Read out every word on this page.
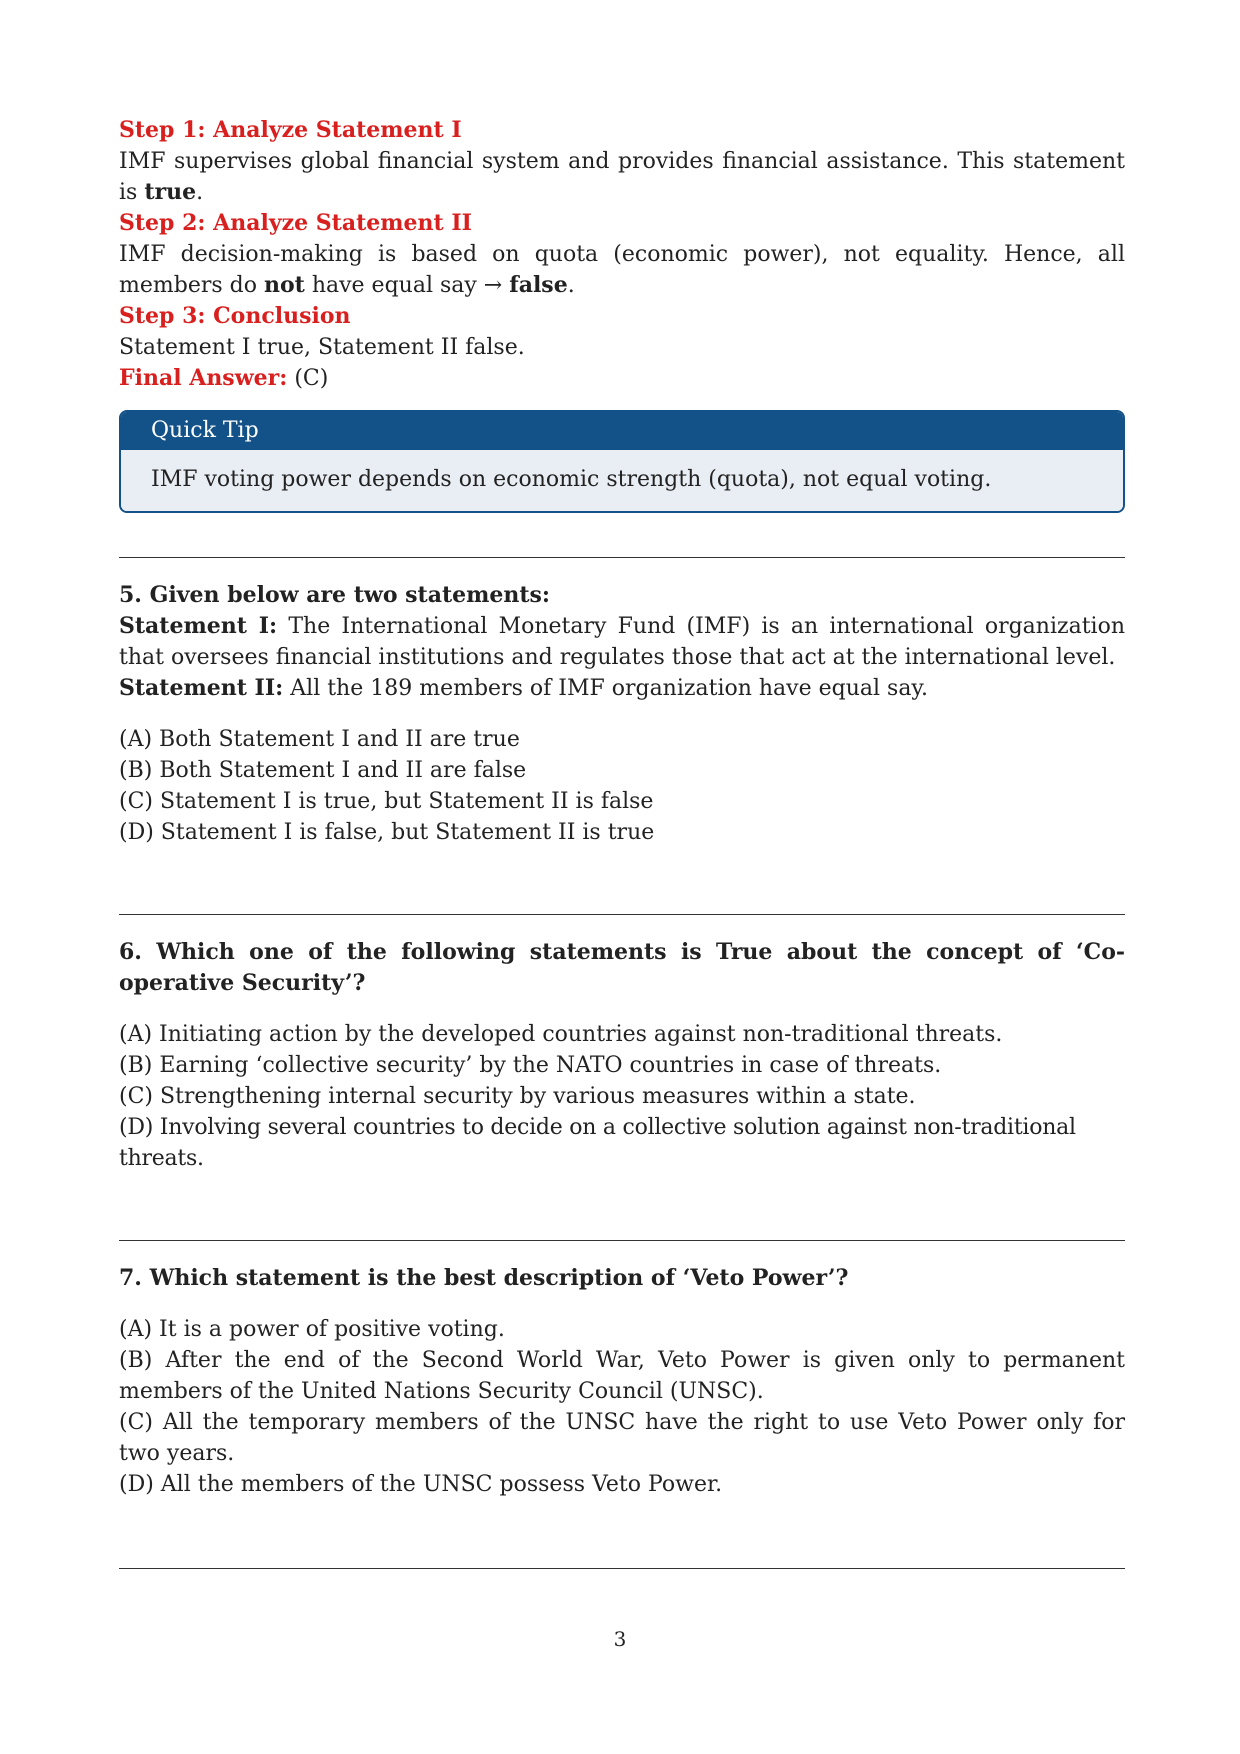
Step 1: Analyze Statement I

IMF supervises global financial system and provides financial assistance. This statement is true.

Step 2: Analyze Statement II

IMF decision-making is based on quota (economic power), not equality. Hence, all members do not have equal say → false.

Step 3: Conclusion

Statement I true, Statement II false.

Final Answer: (C)

Quick Tip
IMF voting power depends on economic strength (quota), not equal voting.

5. Given below are two statements:

Statement I: The International Monetary Fund (IMF) is an international organization that oversees financial institutions and regulates those that act at the international level.

Statement II: All the 189 members of IMF organization have equal say.

(A) Both Statement I and II are true

(B) Both Statement I and II are false

(C) Statement I is true, but Statement II is false

(D) Statement I is false, but Statement II is true

6. Which one of the following statements is True about the concept of ‘Co-operative Security’?

(A) Initiating action by the developed countries against non-traditional threats.

(B) Earning ‘collective security’ by the NATO countries in case of threats.

(C) Strengthening internal security by various measures within a state.

(D) Involving several countries to decide on a collective solution against non-traditional threats.

7. Which statement is the best description of ‘Veto Power’?

(A) It is a power of positive voting.

(B) After the end of the Second World War, Veto Power is given only to permanent members of the United Nations Security Council (UNSC).

(C) All the temporary members of the UNSC have the right to use Veto Power only for two years.

(D) All the members of the UNSC possess Veto Power.

3
